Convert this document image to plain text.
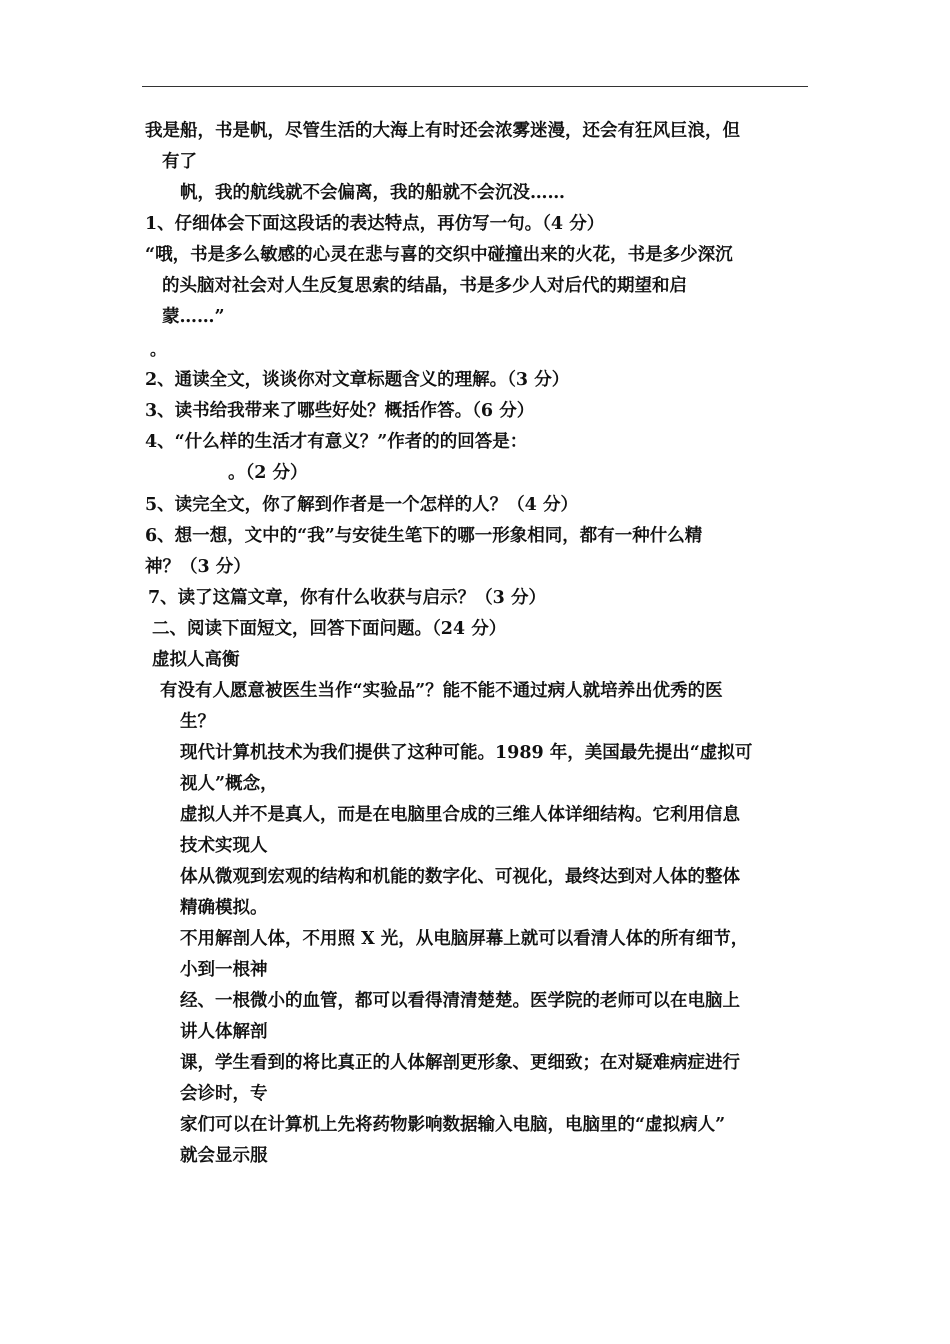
我是船，书是帆，尽管生活的大海上有时还会浓雾迷漫，还会有狂风巨浪，但
有了
帆，我的航线就不会偏离，我的船就不会沉没……
1、仔细体会下面这段话的表达特点，再仿写一句。（4 分）
“哦，书是多么敏感的心灵在悲与喜的交织中碰撞出来的火花，书是多少深沉
的头脑对社会对人生反复思索的结晶，书是多少人对后代的期望和启
蒙……”
。
2、通读全文，谈谈你对文章标题含义的理解。（3 分）
3、读书给我带来了哪些好处？概括作答。（6 分）
4、“什么样的生活才有意义？”作者的的回答是：
。（2 分）
5、读完全文，你了解到作者是一个怎样的人？（4 分）
6、想一想，文中的“我”与安徒生笔下的哪一形象相同，都有一种什么精
神？（3 分）
7、读了这篇文章，你有什么收获与启示？（3 分）
二、阅读下面短文，回答下面问题。（24 分）
虚拟人高衡
有没有人愿意被医生当作“实验品”？能不能不通过病人就培养出优秀的医
生？
现代计算机技术为我们提供了这种可能。1989 年，美国最先提出“虚拟可
视人”概念，
虚拟人并不是真人，而是在电脑里合成的三维人体详细结构。它利用信息
技术实现人
体从微观到宏观的结构和机能的数字化、可视化，最终达到对人体的整体
精确模拟。
不用解剖人体，不用照 X 光，从电脑屏幕上就可以看清人体的所有细节，
小到一根神
经、一根微小的血管，都可以看得清清楚楚。医学院的老师可以在电脑上
讲人体解剖
课，学生看到的将比真正的人体解剖更形象、更细致；在对疑难病症进行
会诊时，专
家们可以在计算机上先将药物影响数据输入电脑，电脑里的“虚拟病人”
就会显示服
